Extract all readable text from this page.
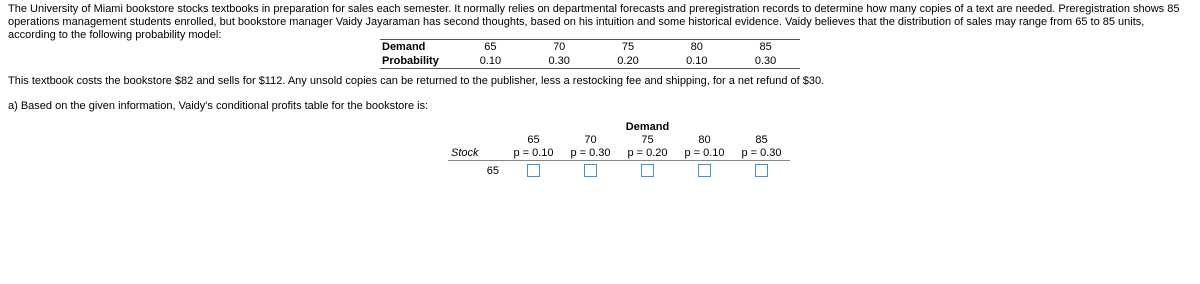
The University of Miami bookstore stocks textbooks in preparation for sales each semester. It normally relies on departmental forecasts and preregistration records to determine how many copies of a text are needed. Preregistration shows 85 operations management students enrolled, but bookstore manager Vaidy Jayaraman has second thoughts, based on his intuition and some historical evidence. Vaidy believes that the distribution of sales may range from 65 to 85 units, according to the following probability model:

Demand	65	70	75	80	85
Probability	0.10	0.30	0.20	0.10	0.30

This textbook costs the bookstore $82 and sells for $112. Any unsold copies can be returned to the publisher, less a restocking fee and shipping, for a net refund of $30.

a) Based on the given information, Vaidy's conditional profits table for the bookstore is:

			Demand		
	65	70	75	80	85
Stock	p = 0.10	p = 0.30	p = 0.20	p = 0.10	p = 0.30
65					
